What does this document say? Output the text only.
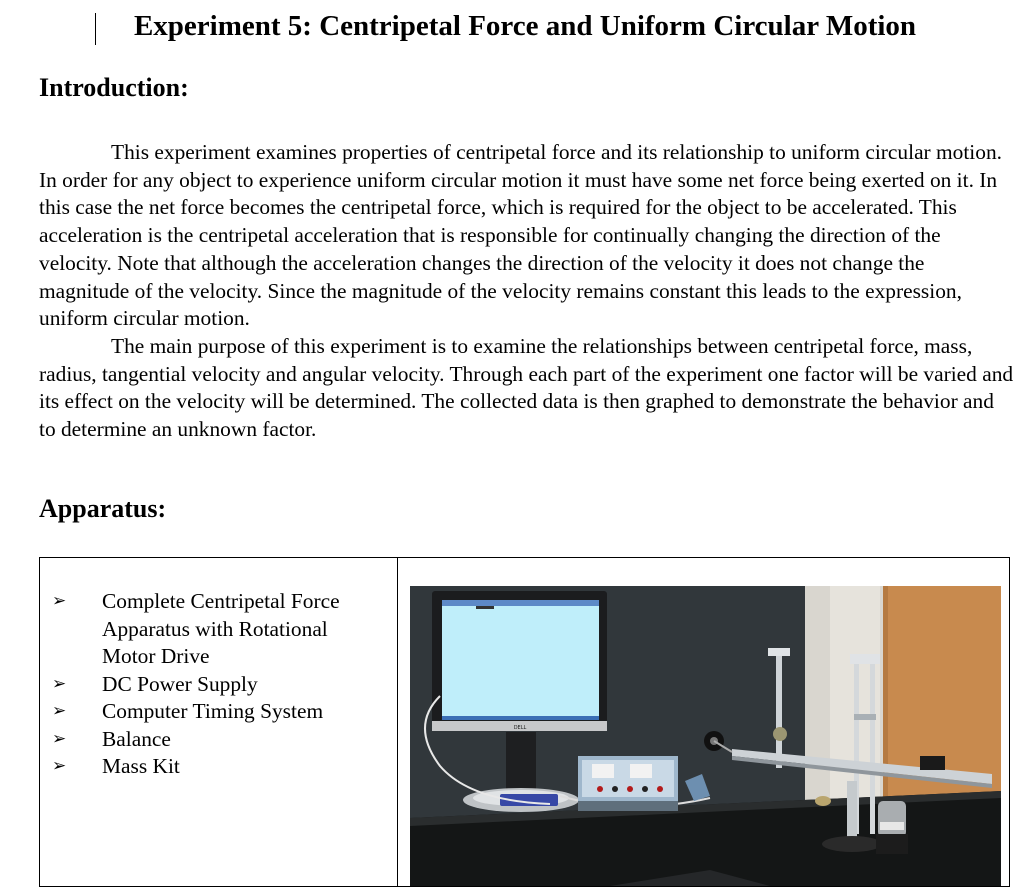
Experiment 5: Centripetal Force and Uniform Circular Motion
Introduction:

This experiment examines properties of centripetal force and its relationship to uniform circular motion. In order for any object to experience uniform circular motion it must have some net force being exerted on it. In this case the net force becomes the centripetal force, which is required for the object to be accelerated. This acceleration is the centripetal acceleration that is responsible for continually changing the direction of the velocity. Note that although the acceleration changes the direction of the velocity it does not change the magnitude of the velocity. Since the magnitude of the velocity remains constant this leads to the expression, uniform circular motion.

The main purpose of this experiment is to examine the relationships between centripetal force, mass, radius, tangential velocity and angular velocity. Through each part of the experiment one factor will be varied and its effect on the velocity will be determined. The collected data is then graphed to demonstrate the behavior and to determine an unknown factor.

Apparatus:
➢ Complete Centripetal Force Apparatus with Rotational Motor Drive
➢ DC Power Supply
➢ Computer Timing System
➢ Balance
➢ Mass Kit
DELL
